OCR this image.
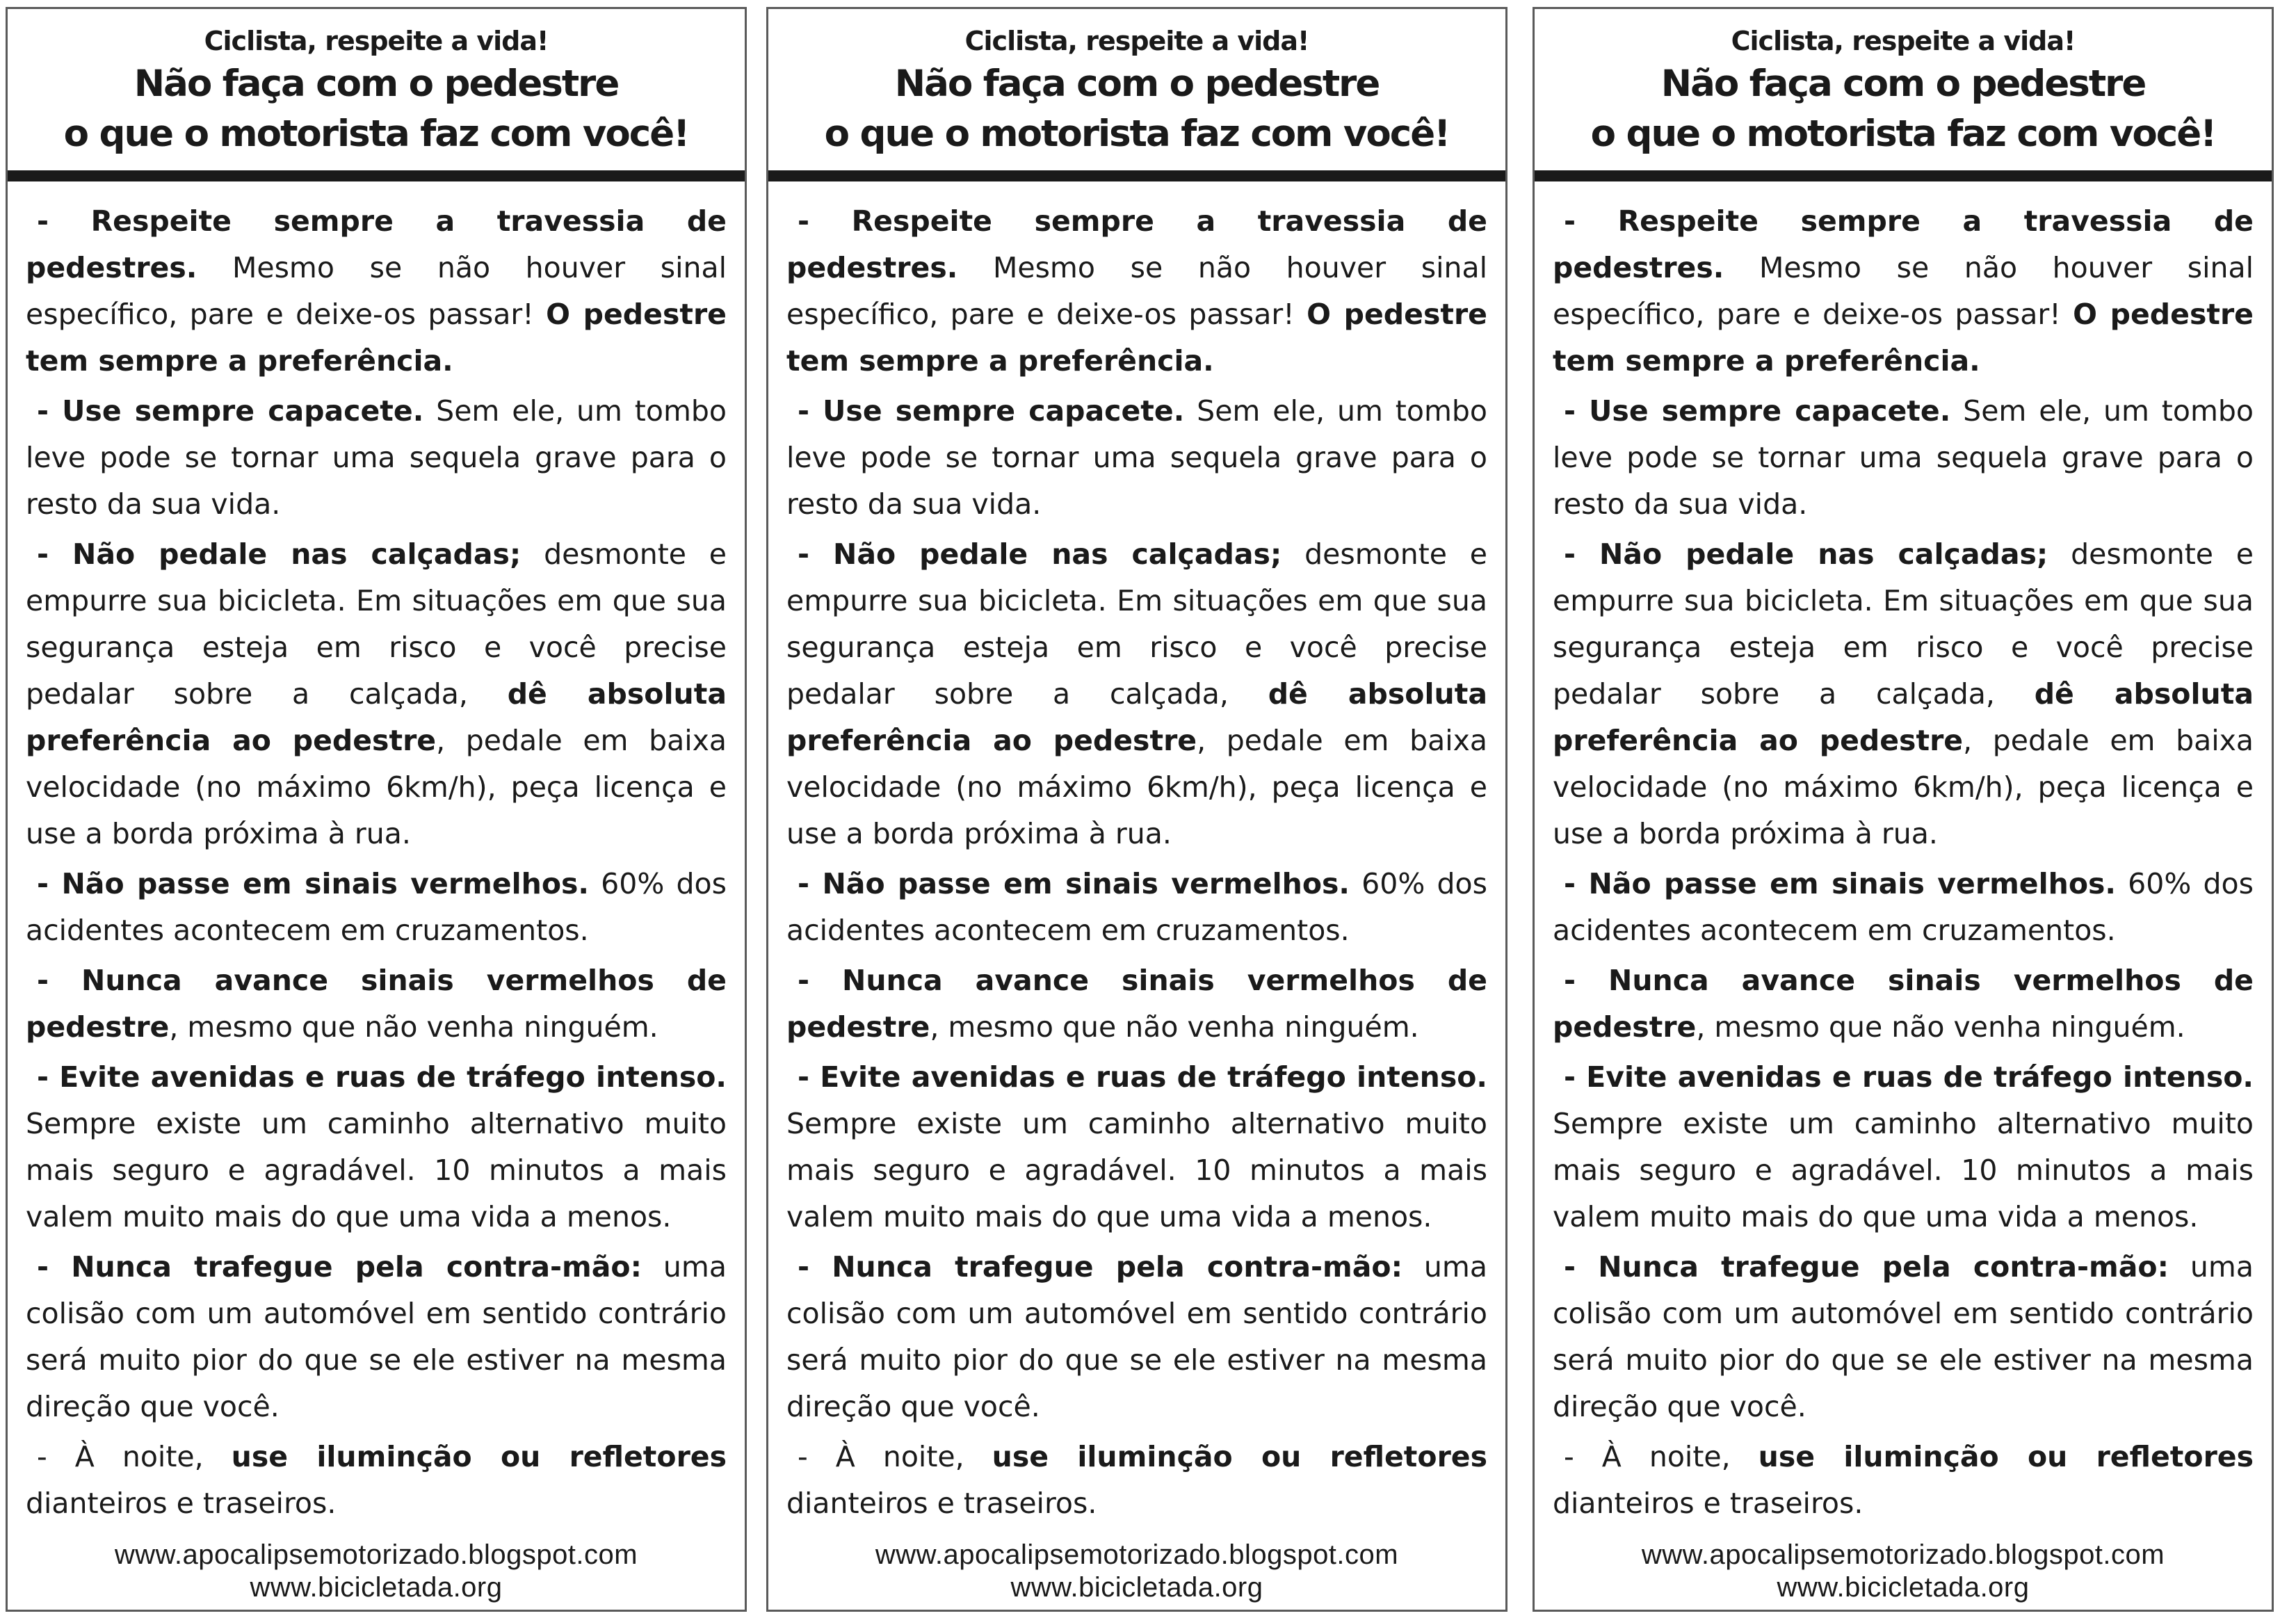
Ciclista, respeite a vida!
Não faça com o pedestre
o que o motorista faz com você!

- Respeite sempre a travessia de pedestres. Mesmo se não houver sinal específico, pare e deixe-os passar! O pedestre tem sempre a preferência.

- Use sempre capacete. Sem ele, um tombo leve pode se tornar uma sequela grave para o resto da sua vida.

- Não pedale nas calçadas; desmonte e empurre sua bicicleta. Em situações em que sua segurança esteja em risco e você precise pedalar sobre a calçada, dê absoluta preferência ao pedestre, pedale em baixa velocidade (no máximo 6km/h), peça licença e use a borda próxima à rua.

- Não passe em sinais vermelhos. 60% dos acidentes acontecem em cruzamentos.

- Nunca avance sinais vermelhos de pedestre, mesmo que não venha ninguém.

- Evite avenidas e ruas de tráfego intenso. Sempre existe um caminho alternativo muito mais seguro e agradável. 10 minutos a mais valem muito mais do que uma vida a menos.

- Nunca trafegue pela contra-mão: uma colisão com um automóvel em sentido contrário será muito pior do que se ele estiver na mesma direção que você.

- À noite, use iluminção ou refletores dianteiros e traseiros.

www.apocalipsemotorizado.blogspot.com
www.bicicletada.org
Ciclista, respeite a vida!
Não faça com o pedestre
o que o motorista faz com você!

- Respeite sempre a travessia de pedestres. Mesmo se não houver sinal específico, pare e deixe-os passar! O pedestre tem sempre a preferência.

- Use sempre capacete. Sem ele, um tombo leve pode se tornar uma sequela grave para o resto da sua vida.

- Não pedale nas calçadas; desmonte e empurre sua bicicleta. Em situações em que sua segurança esteja em risco e você precise pedalar sobre a calçada, dê absoluta preferência ao pedestre, pedale em baixa velocidade (no máximo 6km/h), peça licença e use a borda próxima à rua.

- Não passe em sinais vermelhos. 60% dos acidentes acontecem em cruzamentos.

- Nunca avance sinais vermelhos de pedestre, mesmo que não venha ninguém.

- Evite avenidas e ruas de tráfego intenso. Sempre existe um caminho alternativo muito mais seguro e agradável. 10 minutos a mais valem muito mais do que uma vida a menos.

- Nunca trafegue pela contra-mão: uma colisão com um automóvel em sentido contrário será muito pior do que se ele estiver na mesma direção que você.

- À noite, use iluminção ou refletores dianteiros e traseiros.

www.apocalipsemotorizado.blogspot.com
www.bicicletada.org
Ciclista, respeite a vida!
Não faça com o pedestre
o que o motorista faz com você!

- Respeite sempre a travessia de pedestres. Mesmo se não houver sinal específico, pare e deixe-os passar! O pedestre tem sempre a preferência.

- Use sempre capacete. Sem ele, um tombo leve pode se tornar uma sequela grave para o resto da sua vida.

- Não pedale nas calçadas; desmonte e empurre sua bicicleta. Em situações em que sua segurança esteja em risco e você precise pedalar sobre a calçada, dê absoluta preferência ao pedestre, pedale em baixa velocidade (no máximo 6km/h), peça licença e use a borda próxima à rua.

- Não passe em sinais vermelhos. 60% dos acidentes acontecem em cruzamentos.

- Nunca avance sinais vermelhos de pedestre, mesmo que não venha ninguém.

- Evite avenidas e ruas de tráfego intenso. Sempre existe um caminho alternativo muito mais seguro e agradável. 10 minutos a mais valem muito mais do que uma vida a menos.

- Nunca trafegue pela contra-mão: uma colisão com um automóvel em sentido contrário será muito pior do que se ele estiver na mesma direção que você.

- À noite, use iluminção ou refletores dianteiros e traseiros.

www.apocalipsemotorizado.blogspot.com
www.bicicletada.org
